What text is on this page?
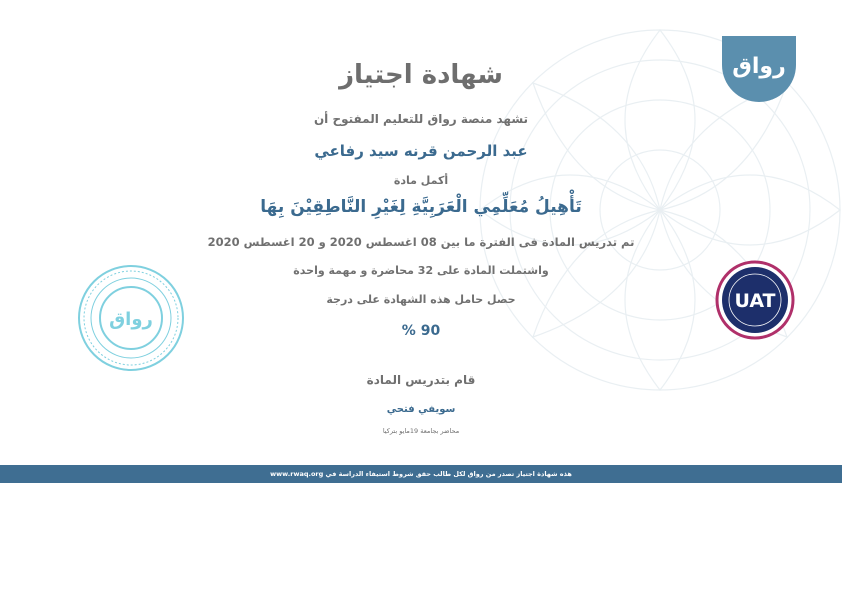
رواق
شهادة اجتياز
تشهد منصة رواق للتعليم المفتوح أن
عبد الرحمن قرنه سيد رفاعي
أكمل مادة
تَأْهِيلُ مُعَلِّمِي الْعَرَبِيَّةِ لِغَيْرِ النَّاطِقِيْنَ بِهَا
تم تدريس المادة فى الفترة ما بين 08 اغسطس 2020 و 20 اغسطس 2020
واشتملت المادة على 32 محاضرة و مهمة واحدة
حصل حامل هذه الشهادة على درجة
% 90
قام بتدريس المادة
سويفي فتحي
محاضر بجامعة 19مايو بتركيا
رواق
UAT
هذه شهادة اجتياز تصدر من رواق لكل طالب حقق شروط استيفاء الدراسة في www.rwaq.org
